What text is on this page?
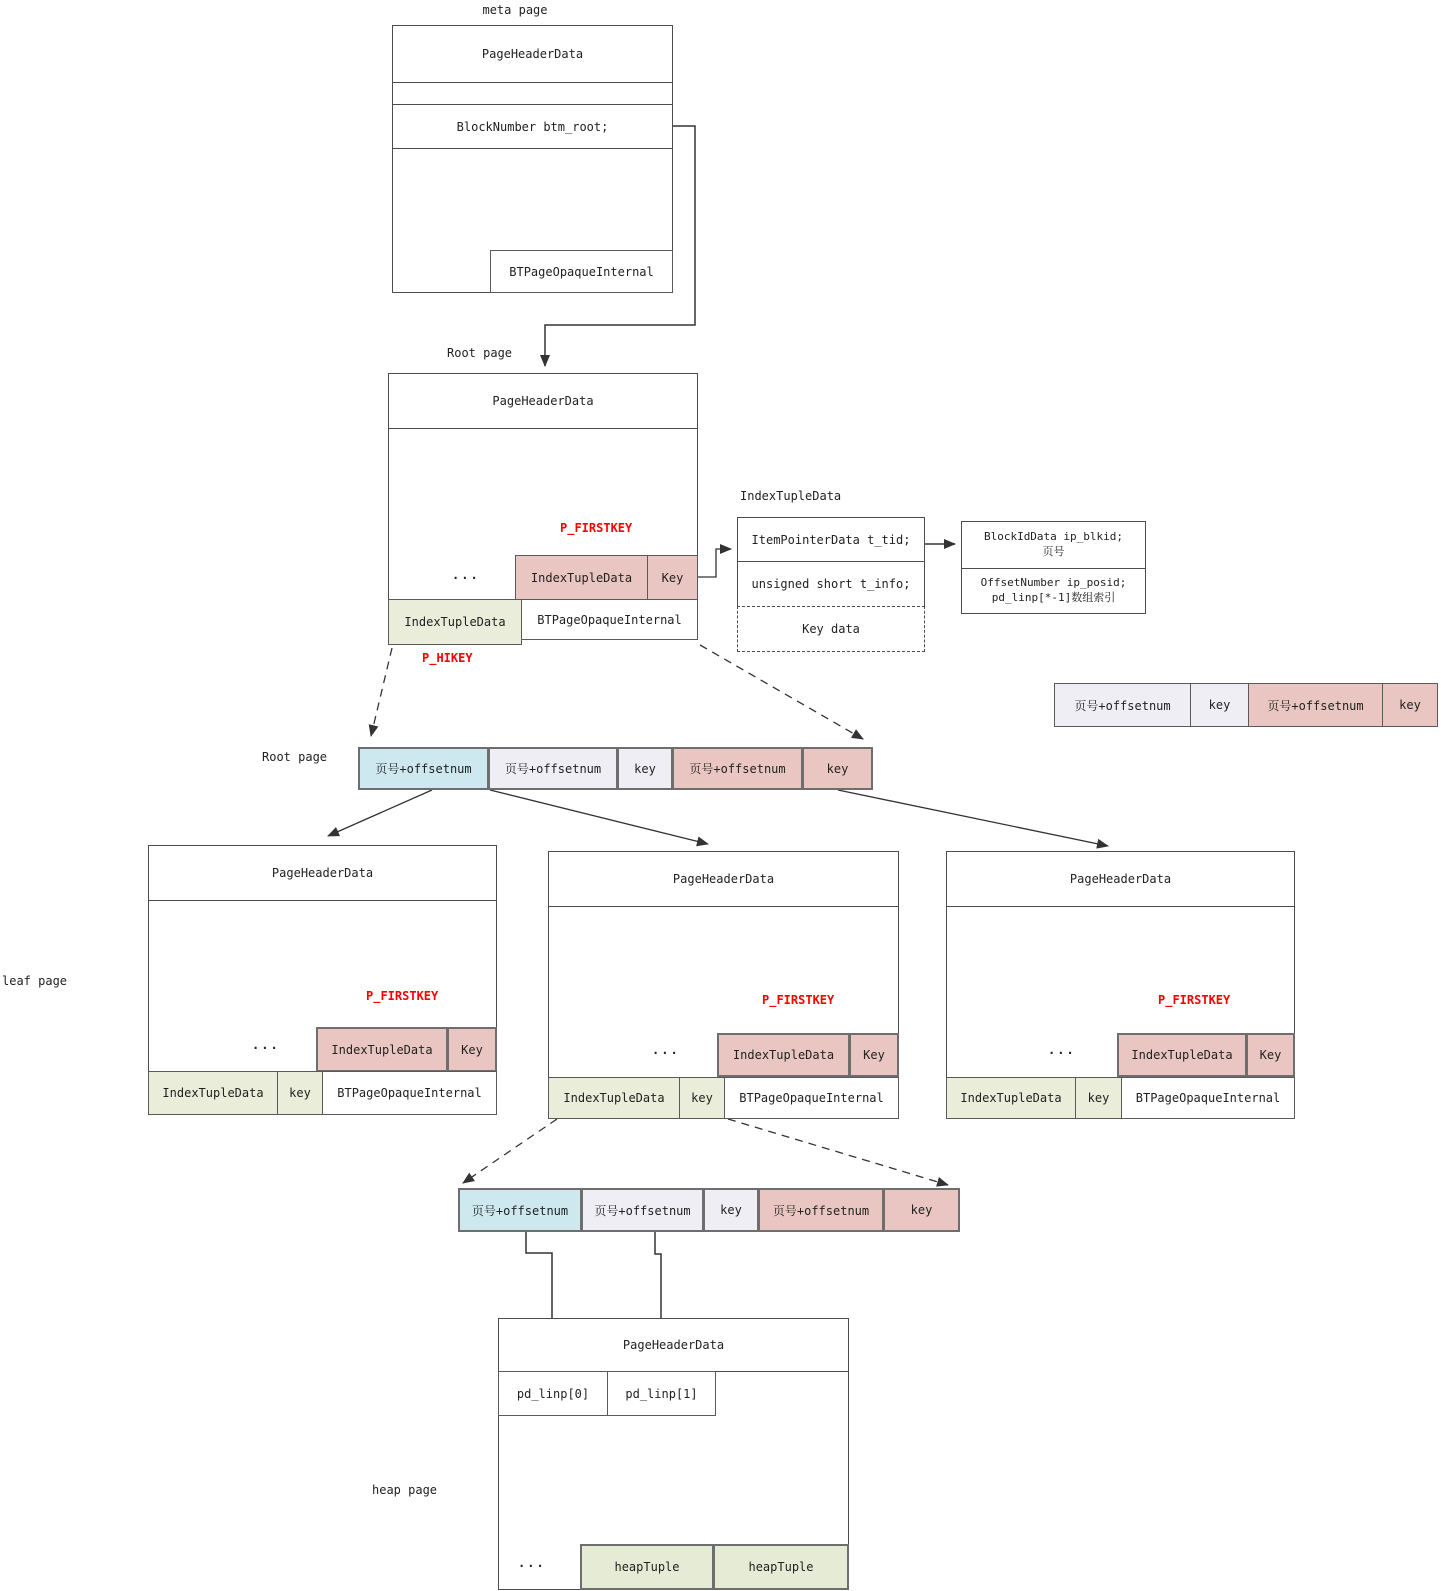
meta page
PageHeaderData
BlockNumber btm_root;
BTPageOpaqueInternal
Root page
PageHeaderData
P_FIRSTKEY
...	IndexTupleData	Key
IndexTupleData	BTPageOpaqueInternal
P_HIKEY
IndexTupleData
ItemPointerData t_tid;
unsigned short t_info;
Key data
BlockIdData ip_blkid;
页号
OffsetNumber ip_posid;
pd_linp[*-1]数组索引
页号+offsetnum	key	页号+offsetnum	key
Root page
页号+offsetnum	页号+offsetnum	key	页号+offsetnum	key
leaf page
PageHeaderData
P_FIRSTKEY
...	IndexTupleData	Key
IndexTupleData	key	BTPageOpaqueInternal
PageHeaderData
P_FIRSTKEY
...	IndexTupleData	Key
IndexTupleData	key	BTPageOpaqueInternal
PageHeaderData
P_FIRSTKEY
...	IndexTupleData	Key
IndexTupleData	key	BTPageOpaqueInternal
页号+offsetnum	页号+offsetnum	key	页号+offsetnum	key
heap page
PageHeaderData
pd_linp[0]	pd_linp[1]
...	heapTuple	heapTuple
